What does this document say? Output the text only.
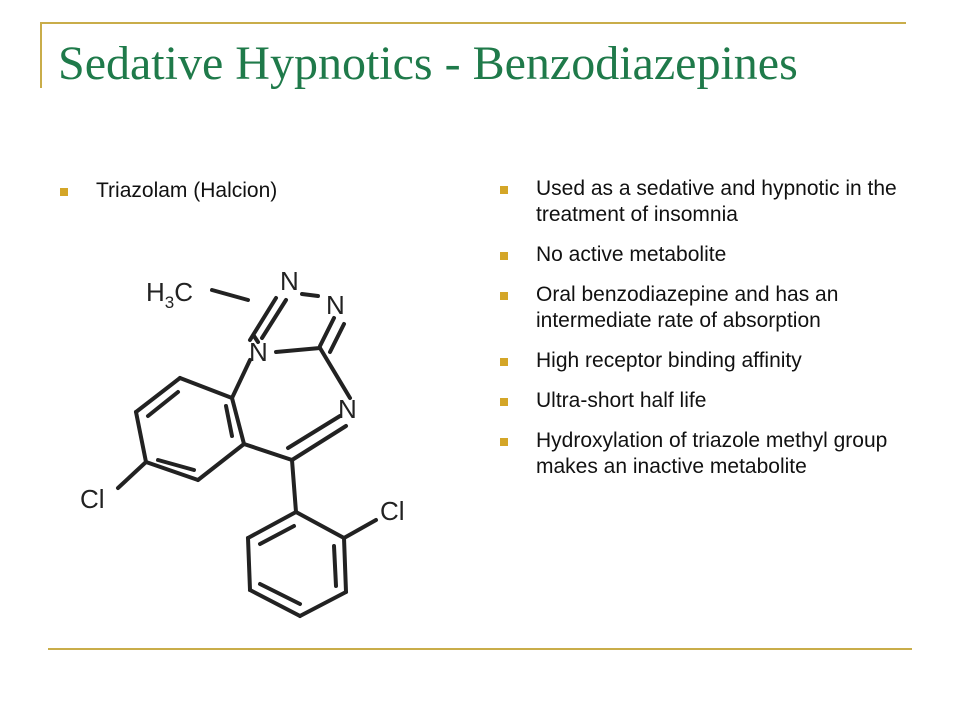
Sedative Hypnotics - Benzodiazepines
Triazolam (Halcion)	Used as a sedative and hypnotic in the treatment of insomnia
No active metabolite
Oral benzodiazepine and has an intermediate rate of absorption
High receptor binding affinity
Ultra-short half life
Hydroxylation of triazole methyl group makes an inactive metabolite
$H_3C$	N
N
N
N
Cl	Cl
